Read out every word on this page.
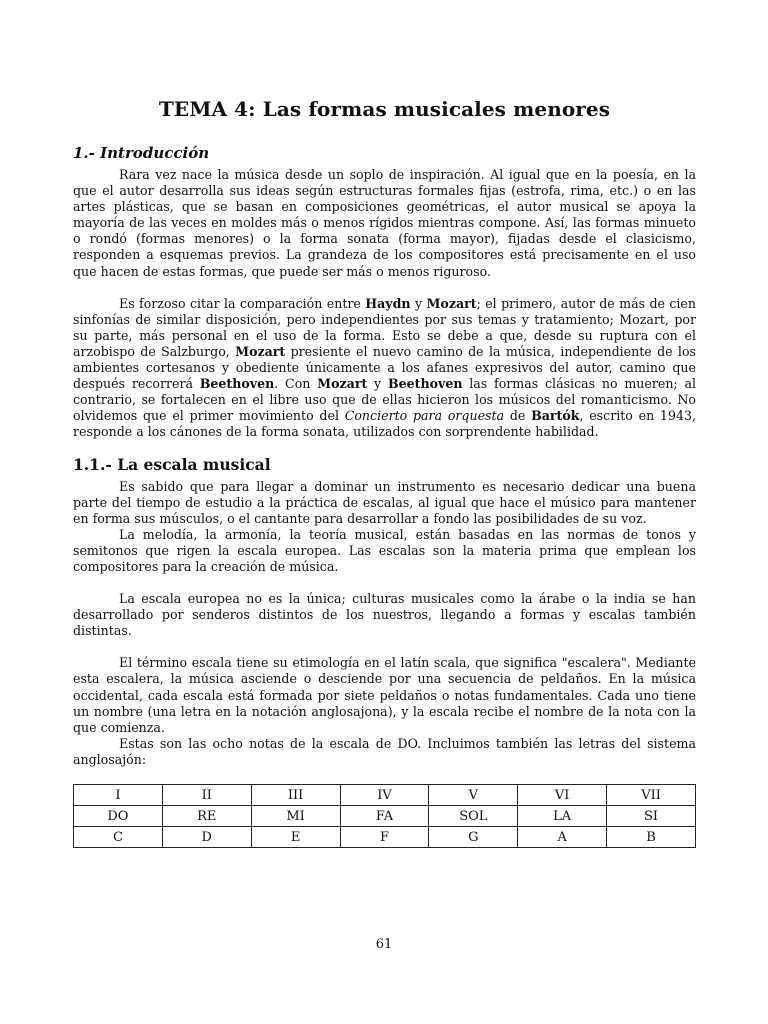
TEMA 4: Las formas musicales menores
1.- Introducción

Rara vez nace la música desde un soplo de inspiración. Al igual que en la poesía, en la que el autor desarrolla sus ideas según estructuras formales fijas (estrofa, rima, etc.) o en las artes plásticas, que se basan en composiciones geométricas, el autor musical se apoya la mayoría de las veces en moldes más o menos rígidos mientras compone. Así, las formas minueto o rondó (formas menores) o la forma sonata (forma mayor), fijadas desde el clasicismo, responden a esquemas previos. La grandeza de los compositores está precisamente en el uso que hacen de estas formas, que puede ser más o menos riguroso.

Es forzoso citar la comparación entre Haydn y Mozart; el primero, autor de más de cien sinfonías de similar disposición, pero independientes por sus temas y tratamiento; Mozart, por su parte, más personal en el uso de la forma. Esto se debe a que, desde su ruptura con el arzobispo de Salzburgo, Mozart presiente el nuevo camino de la música, independiente de los ambientes cortesanos y obediente únicamente a los afanes expresivos del autor, camino que después recorrerá Beethoven. Con Mozart y Beethoven las formas clásicas no mueren; al contrario, se fortalecen en el libre uso que de ellas hicieron los músicos del romanticismo. No olvidemos que el primer movimiento del Concierto para orquesta de Bartók, escrito en 1943, responde a los cánones de la forma sonata, utilizados con sorprendente habilidad.

1.1.- La escala musical

Es sabido que para llegar a dominar un instrumento es necesario dedicar una buena parte del tiempo de estudio a la práctica de escalas, al igual que hace el músico para mantener en forma sus músculos, o el cantante para desarrollar a fondo las posibilidades de su voz.

La melodía, la armonía, la teoría musical, están basadas en las normas de tonos y semitonos que rigen la escala europea. Las escalas son la materia prima que emplean los compositores para la creación de música.

La escala europea no es la única; culturas musicales como la árabe o la india se han desarrollado por senderos distintos de los nuestros, llegando a formas y escalas también distintas.

El término escala tiene su etimología en el latín scala, que significa "escalera". Mediante esta escalera, la música asciende o desciende por una secuencia de peldaños. En la música occidental, cada escala está formada por siete peldaños o notas fundamentales. Cada uno tiene un nombre (una letra en la notación anglosajona), y la escala recibe el nombre de la nota con la que comienza.

Estas son las ocho notas de la escala de DO. Incluimos también las letras del sistema anglosajón:

I	II	III	IV	V	VI	VII
DO	RE	MI	FA	SOL	LA	SI
C	D	E	F	G	A	B
61
